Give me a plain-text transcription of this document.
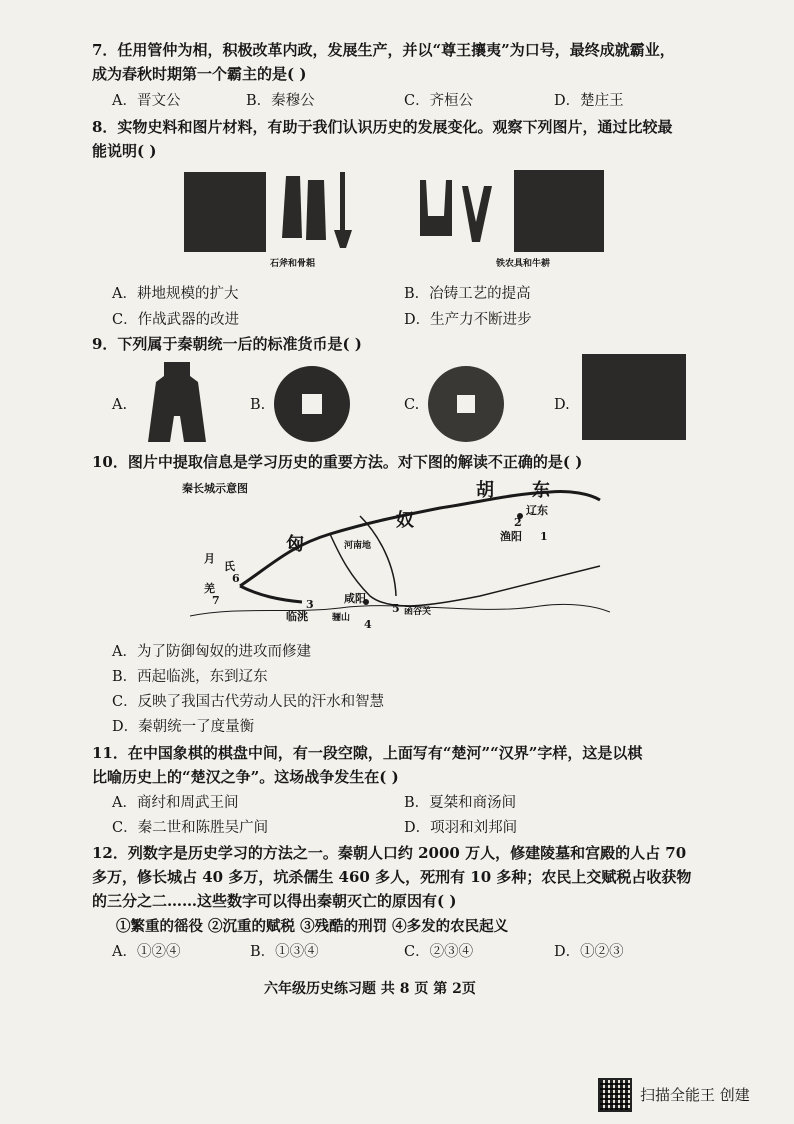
7．任用管仲为相，积极改革内政，发展生产，并以“尊王攘夷”为口号，最终成就霸业，
成为春秋时期第一个霸主的是( )
A．晋文公	B．秦穆公	C．齐桓公	D．楚庄王
8．实物史料和图片材料，有助于我们认识历史的发展变化。观察下列图片，通过比较最
能说明( )
石斧和骨耜	铁农具和牛耕
A．耕地规模的扩大	B．冶铸工艺的提高
C．作战武器的改进	D．生产力不断进步
9．下列属于秦朝统一后的标准货币是( )
A.	B.	C.	D.
10．图片中提取信息是学习历史的重要方法。对下图的解读不正确的是( )
秦长城示意图	胡 东
奴
匈
月
氏
6
羌
7
辽东
2
渔阳 1
河南地
咸阳
3
临洮	骊山
5 函谷关
4
A．为了防御匈奴的进攻而修建
B．西起临洮，东到辽东
C．反映了我国古代劳动人民的汗水和智慧
D．秦朝统一了度量衡
11．在中国象棋的棋盘中间，有一段空隙，上面写有“楚河”“汉界”字样，这是以棋
比喻历史上的“楚汉之争”。这场战争发生在( )
A．商纣和周武王间	B．夏桀和商汤间
C．秦二世和陈胜吴广间	D．项羽和刘邦间
12．列数字是历史学习的方法之一。秦朝人口约 2000 万人，修建陵墓和宫殿的人占 70
多万，修长城占 40 多万，坑杀儒生 460 多人，死刑有 10 多种；农民上交赋税占收获物
的三分之二……这些数字可以得出秦朝灭亡的原因有( )
①繁重的徭役 ②沉重的赋税 ③残酷的刑罚 ④多发的农民起义
A．①②④	B．①③④	C．②③④	D．①②③
六年级历史练习题 共 8 页 第 2页
扫描全能王 创建
